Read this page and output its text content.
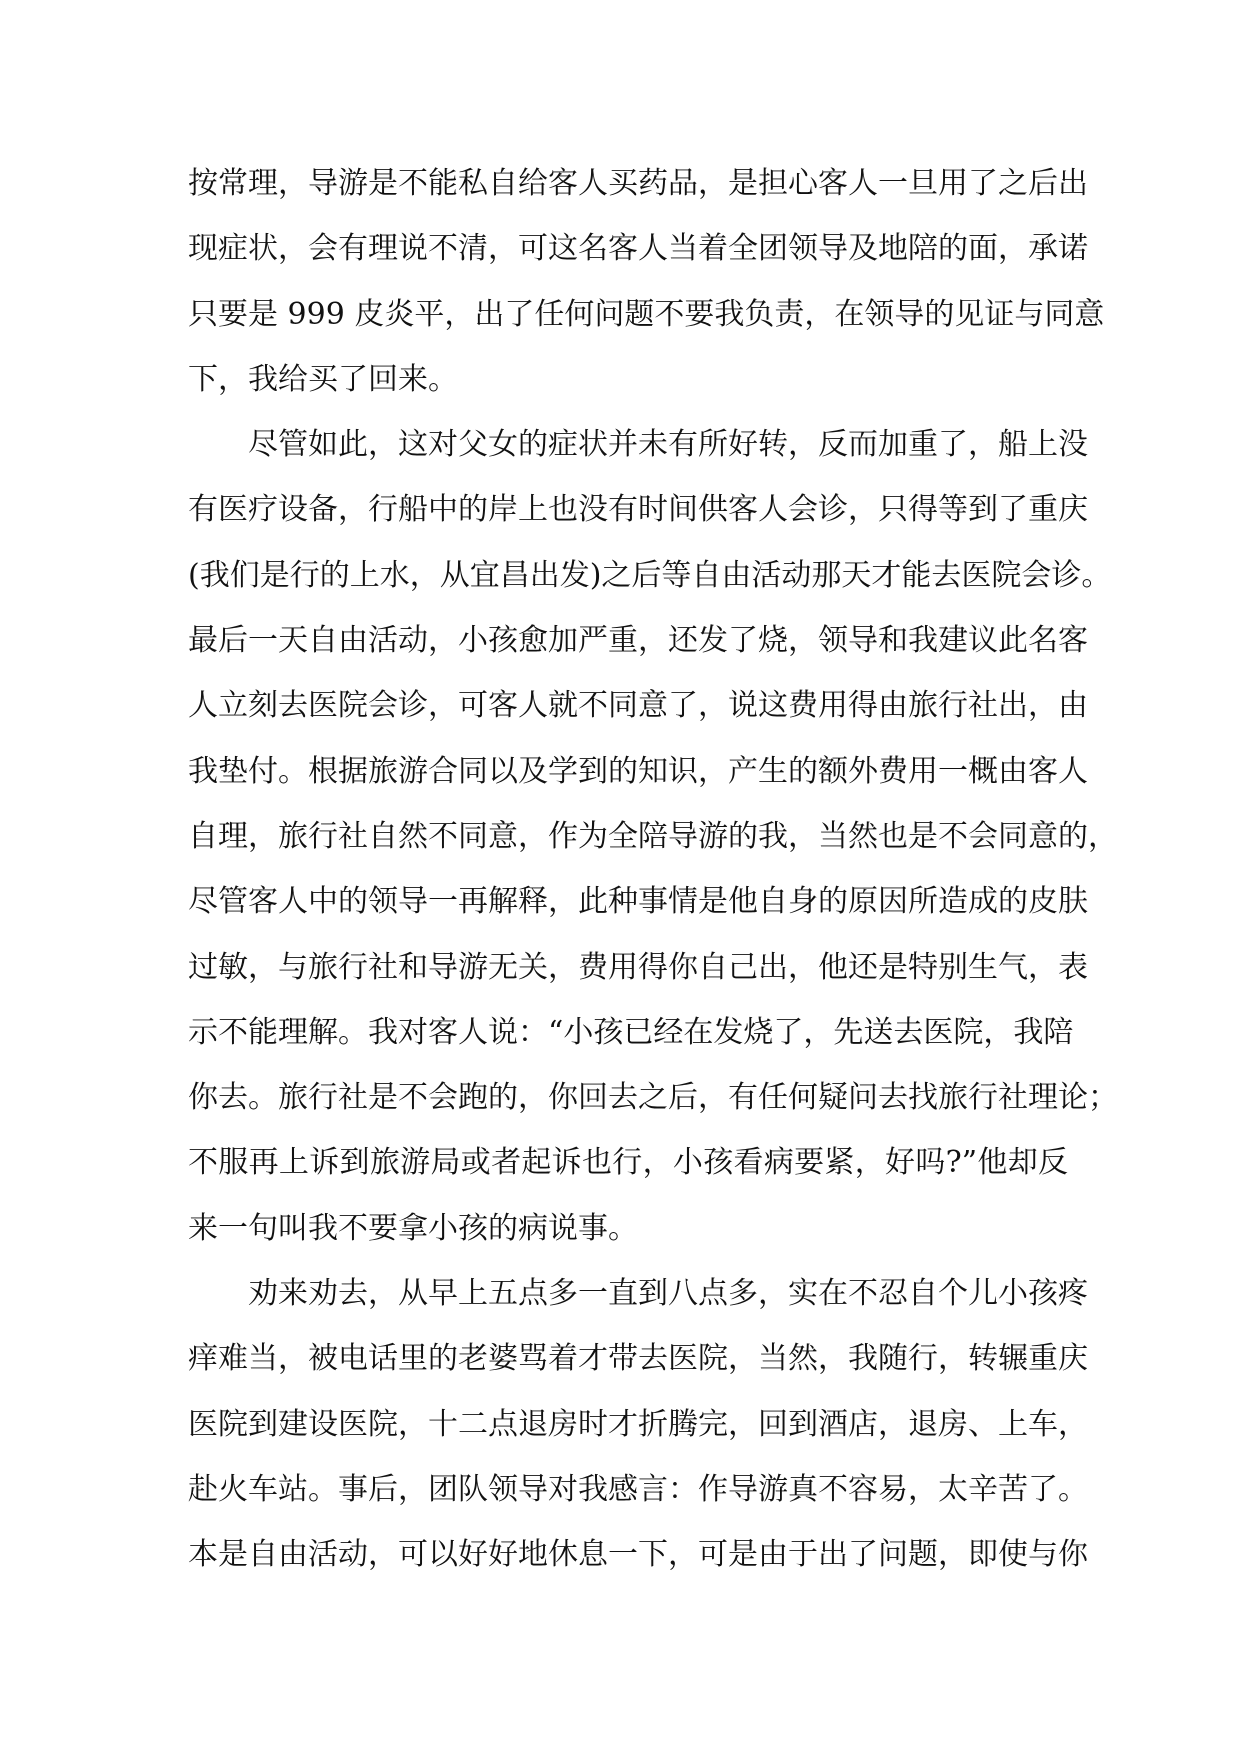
按常理，导游是不能私自给客人买药品，是担心客人一旦用了之后出
现症状，会有理说不清，可这名客人当着全团领导及地陪的面，承诺
只要是 999 皮炎平，出了任何问题不要我负责，在领导的见证与同意
下，我给买了回来。
尽管如此，这对父女的症状并未有所好转，反而加重了，船上没
有医疗设备，行船中的岸上也没有时间供客人会诊，只得等到了重庆
(我们是行的上水，从宜昌出发)之后等自由活动那天才能去医院会诊。
最后一天自由活动，小孩愈加严重，还发了烧，领导和我建议此名客
人立刻去医院会诊，可客人就不同意了，说这费用得由旅行社出，由
我垫付。根据旅游合同以及学到的知识，产生的额外费用一概由客人
自理，旅行社自然不同意，作为全陪导游的我，当然也是不会同意的，
尽管客人中的领导一再解释，此种事情是他自身的原因所造成的皮肤
过敏，与旅行社和导游无关，费用得你自己出，他还是特别生气，表
示不能理解。我对客人说：“小孩已经在发烧了，先送去医院，我陪
你去。旅行社是不会跑的，你回去之后，有任何疑问去找旅行社理论；
不服再上诉到旅游局或者起诉也行，小孩看病要紧，好吗?”他却反
来一句叫我不要拿小孩的病说事。
劝来劝去，从早上五点多一直到八点多，实在不忍自个儿小孩疼
痒难当，被电话里的老婆骂着才带去医院，当然，我随行，转辗重庆
医院到建设医院，十二点退房时才折腾完，回到酒店，退房、上车，
赴火车站。事后，团队领导对我感言：作导游真不容易，太辛苦了。
本是自由活动，可以好好地休息一下，可是由于出了问题，即使与你
